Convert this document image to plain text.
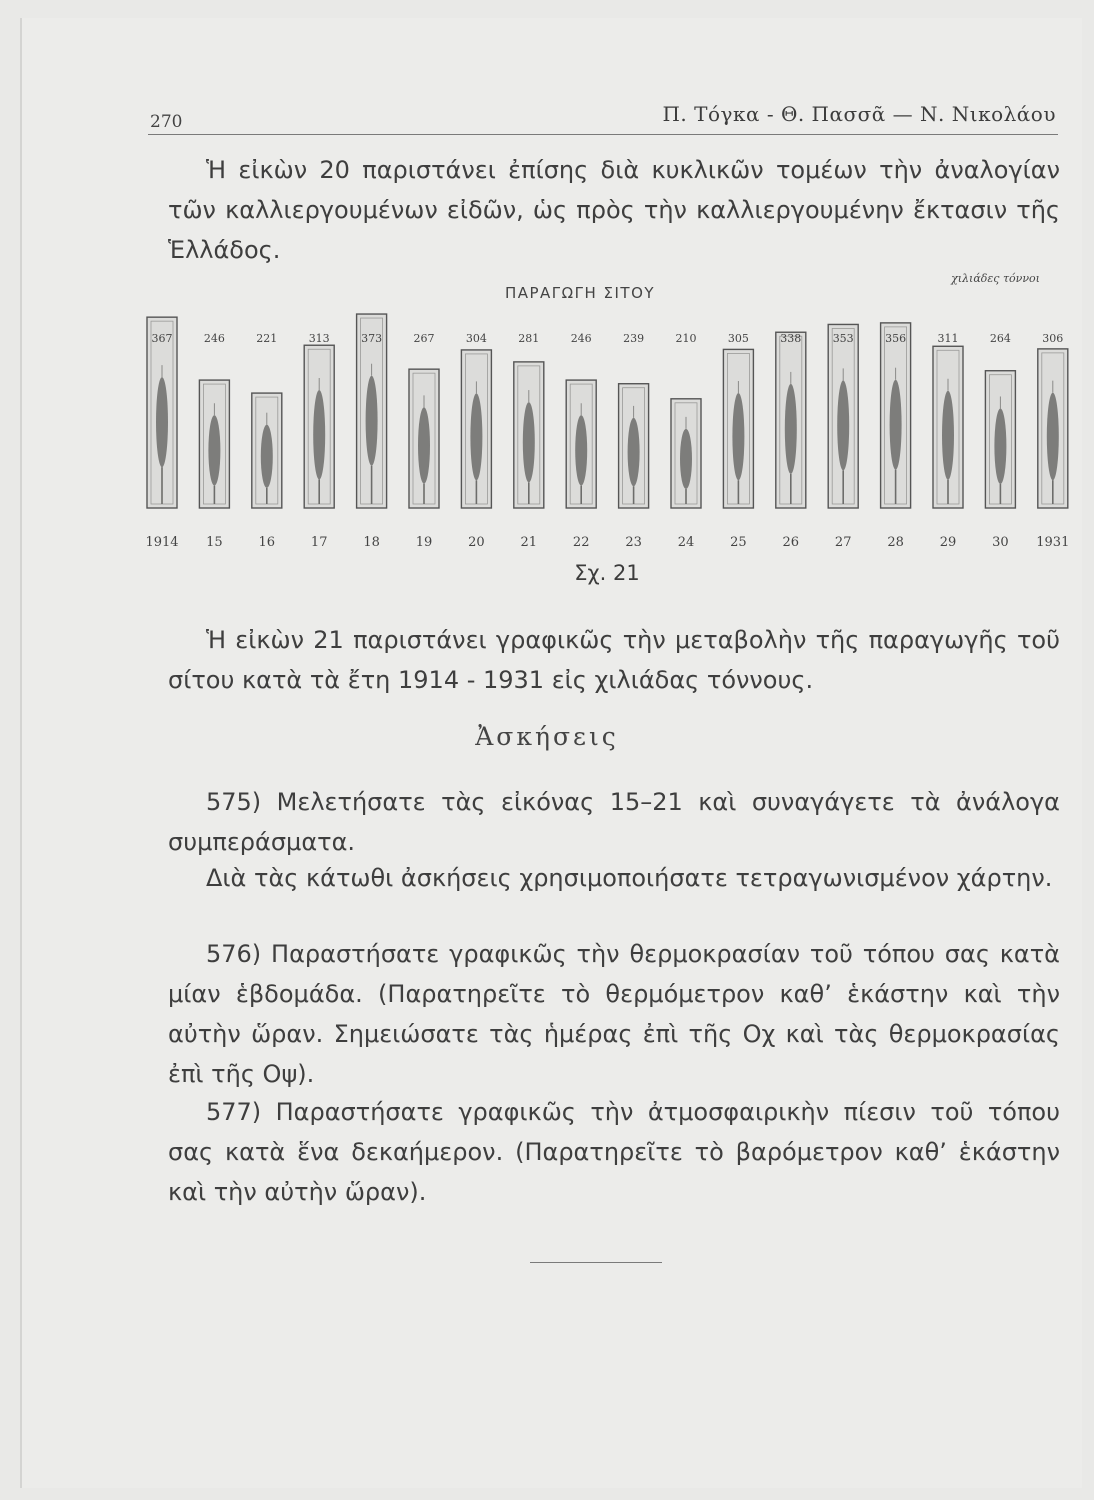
270	Π. Τόγκα - Θ. Πασσᾶ — Ν. Νικολάου

Ἡ εἰκὼν 20 παριστάνει ἐπίσης διὰ κυκλικῶν τομέων τὴν ἀναλογίαν τῶν καλλιεργουμένων εἰδῶν, ὡς πρὸς τὴν καλλιεργουμένην ἔκτασιν τῆς Ἑλλάδος.

ΠΑΡΑΓΩΓΗ ΣΙΤΟΥ
χιλιάδες τόννοι
367
1914
246
15
221
16
313
17
373
18
267
19
304
20
281
21
246
22
239
23
210
24
305
25
338
26
353
27
356
28
311
29
264
30
306
1931
Σχ. 21

Ἡ εἰκὼν 21 παριστάνει γραφικῶς τὴν μεταβολὴν τῆς παραγωγῆς τοῦ σίτου κατὰ τὰ ἔτη 1914 - 1931 εἰς χιλιάδας τόννους.

Ἀσκήσεις

575) Μελετήσατε τὰς εἰκόνας 15–21 καὶ συναγάγετε τὰ ἀνάλογα συμπεράσματα.

Διὰ τὰς κάτωθι ἀσκήσεις χρησιμοποιήσατε τετραγωνισμένον χάρτην.

576) Παραστήσατε γραφικῶς τὴν θερμοκρασίαν τοῦ τόπου σας κατὰ μίαν ἑβδομάδα. (Παρατηρεῖτε τὸ θερμόμετρον καθ’ ἑκάστην καὶ τὴν αὐτὴν ὥραν. Σημειώσατε τὰς ἡμέρας ἐπὶ τῆς Οχ καὶ τὰς θερμοκρασίας ἐπὶ τῆς Οψ).

577) Παραστήσατε γραφικῶς τὴν ἀτμοσφαιρικὴν πίεσιν τοῦ τόπου σας κατὰ ἕνα δεκαήμερον. (Παρατηρεῖτε τὸ βαρόμετρον καθ’ ἑκάστην καὶ τὴν αὐτὴν ὥραν).
